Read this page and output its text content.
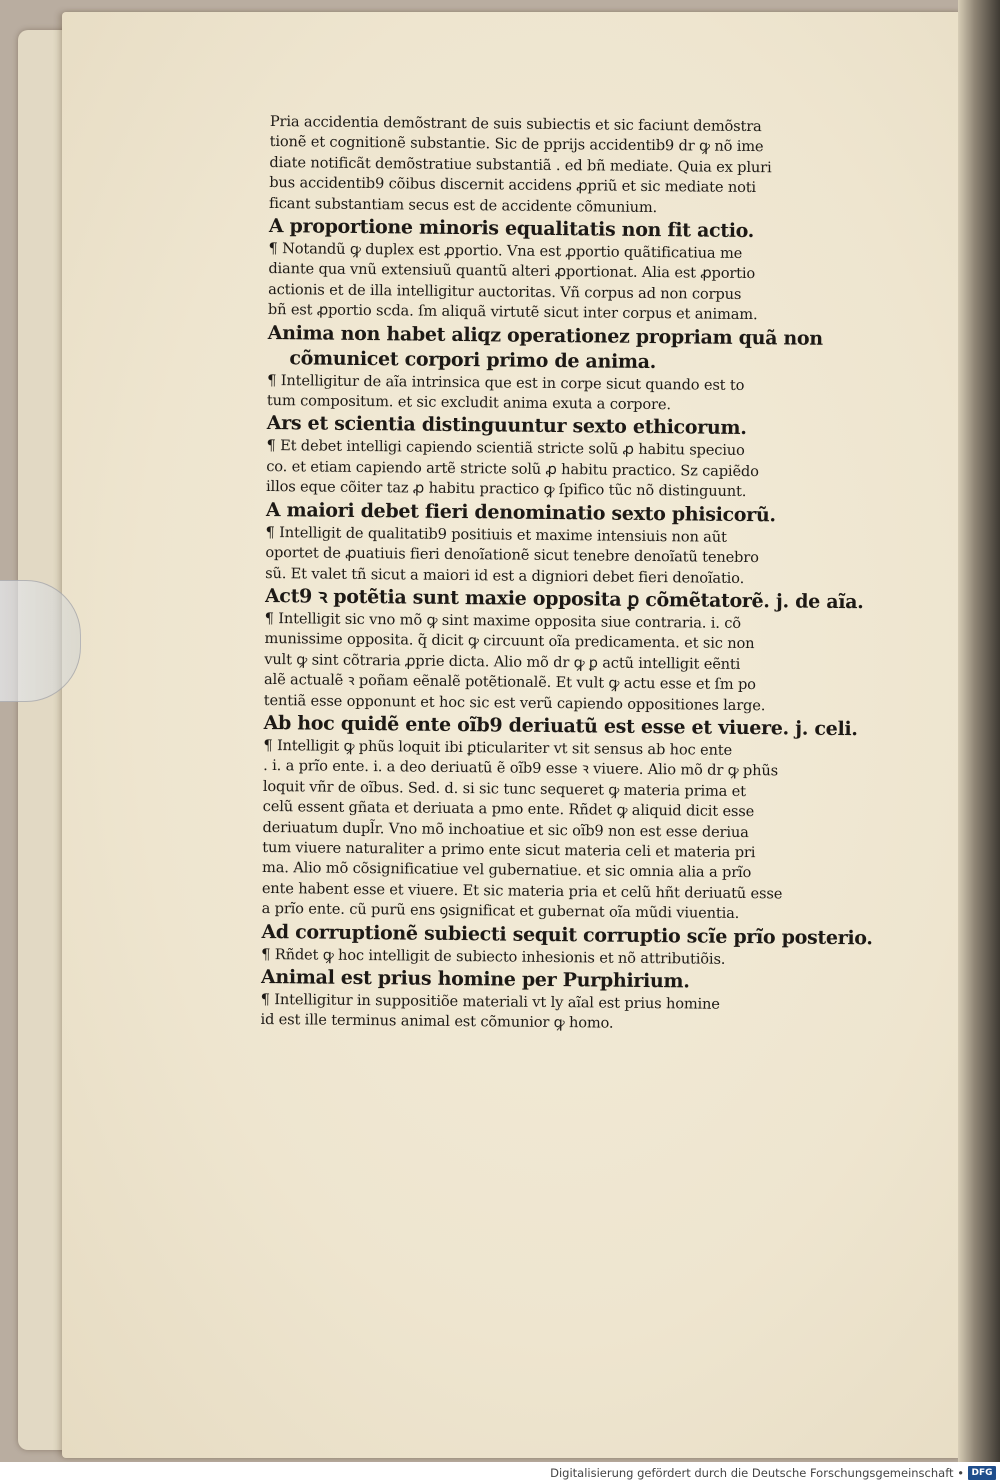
Pria accidentia demõstrant de suis subiectis et sic faciunt demõstra
tionẽ et cognitionẽ substantie. Sic de pprijs accidentib9 dr ꝙ nõ ime
diate notificãt demõstratiue substantiã . ed bñ mediate. Quia ex pluri
bus accidentib9 cõibus discernit accidens ꝓpriũ et sic mediate noti
ficant substantiam secus est de accidente cõmunium.
A proportione minoris equalitatis non fit actio.
¶ Notandũ ꝙ duplex est ꝓportio. Vna est ꝓportio quãtificatiua me
diante qua vnũ extensiuũ quantũ alteri ꝓportionat. Alia est ꝓportio
actionis et de illa intelligitur auctoritas. Vñ corpus ad non corpus
bñ est ꝓportio scda. ſm aliquã virtutẽ sicut inter corpus et animam.
Anima non habet aliqz operationez propriam quã non
cõmunicet corpori primo de anima.
¶ Intelligitur de aĩa intrinsica que est in corpe sicut quando est to
tum compositum. et sic excludit anima exuta a corpore.
Ars et scientia distinguuntur sexto ethicorum.
¶ Et debet intelligi capiendo scientiã stricte solũ ꝓ habitu speciuo
co. et etiam capiendo artẽ stricte solũ ꝓ habitu practico. Sz capiẽdo
illos eque cõiter taz ꝓ habitu practico ꝙ ſpifico tũc nõ distinguunt.
A maiori debet fieri denominatio sexto phisicorũ.
¶ Intelligit de qualitatib9 positiuis et maxime intensiuis non aũt
oportet de ꝓuatiuis fieri denoĩationẽ sicut tenebre denoĩatũ tenebro
sũ. Et valet tñ sicut a maiori id est a digniori debet fieri denoĩatio.
Act9 ꝛ potẽtia sunt maxie opposita ꝑ cõmẽtatorẽ. j. de aĩa.
¶ Intelligit sic vno mõ ꝙ sint maxime opposita siue contraria. i. cõ
munissime opposita. q̃ dicit ꝙ circuunt oĩa predicamenta. et sic non
vult ꝙ sint cõtraria ꝓprie dicta. Alio mõ dr ꝙ ꝑ actũ intelligit eẽnti
alẽ actualẽ ꝛ poñam eẽnalẽ potẽtionalẽ. Et vult ꝙ actu esse et ſm po
tentiã esse opponunt et hoc sic est verũ capiendo oppositiones large.
Ab hoc quidẽ ente oĩb9 deriuatũ est esse et viuere. j. celi.
¶ Intelligit ꝙ phũs loquit ibi ꝑticulariter vt sit sensus ab hoc ente
. i. a prĩo ente. i. a deo deriuatũ ẽ oĩb9 esse ꝛ viuere. Alio mõ dr ꝙ phũs
loquit vñr de oĩbus. Sed. d. si sic tunc sequeret ꝙ materia prima et
celũ essent gñata et deriuata a pmo ente. Rñdet ꝙ aliquid dicit esse
deriuatum dupl̃r. Vno mõ inchoatiue et sic oĩb9 non est esse deriua
tum viuere naturaliter a primo ente sicut materia celi et materia pri
ma. Alio mõ cõsignificatiue vel gubernatiue. et sic omnia alia a prĩo
ente habent esse et viuere. Et sic materia pria et celũ hñt deriuatũ esse
a prĩo ente. cũ purũ ens ꝯsignificat et gubernat oĩa mũdi viuentia.
Ad corruptionẽ subiecti sequit corruptio scĩe prĩo posterio.
¶ Rñdet ꝙ hoc intelligit de subiecto inhesionis et nõ attributiõis.
Animal est prius homine per Purphirium.
¶ Intelligitur in suppositiõe materiali vt ly aĩal est prius homine
id est ille terminus animal est cõmunior ꝙ homo.
Digitalisierung gefördert durch die Deutsche Forschungsgemeinschaft • DFG
